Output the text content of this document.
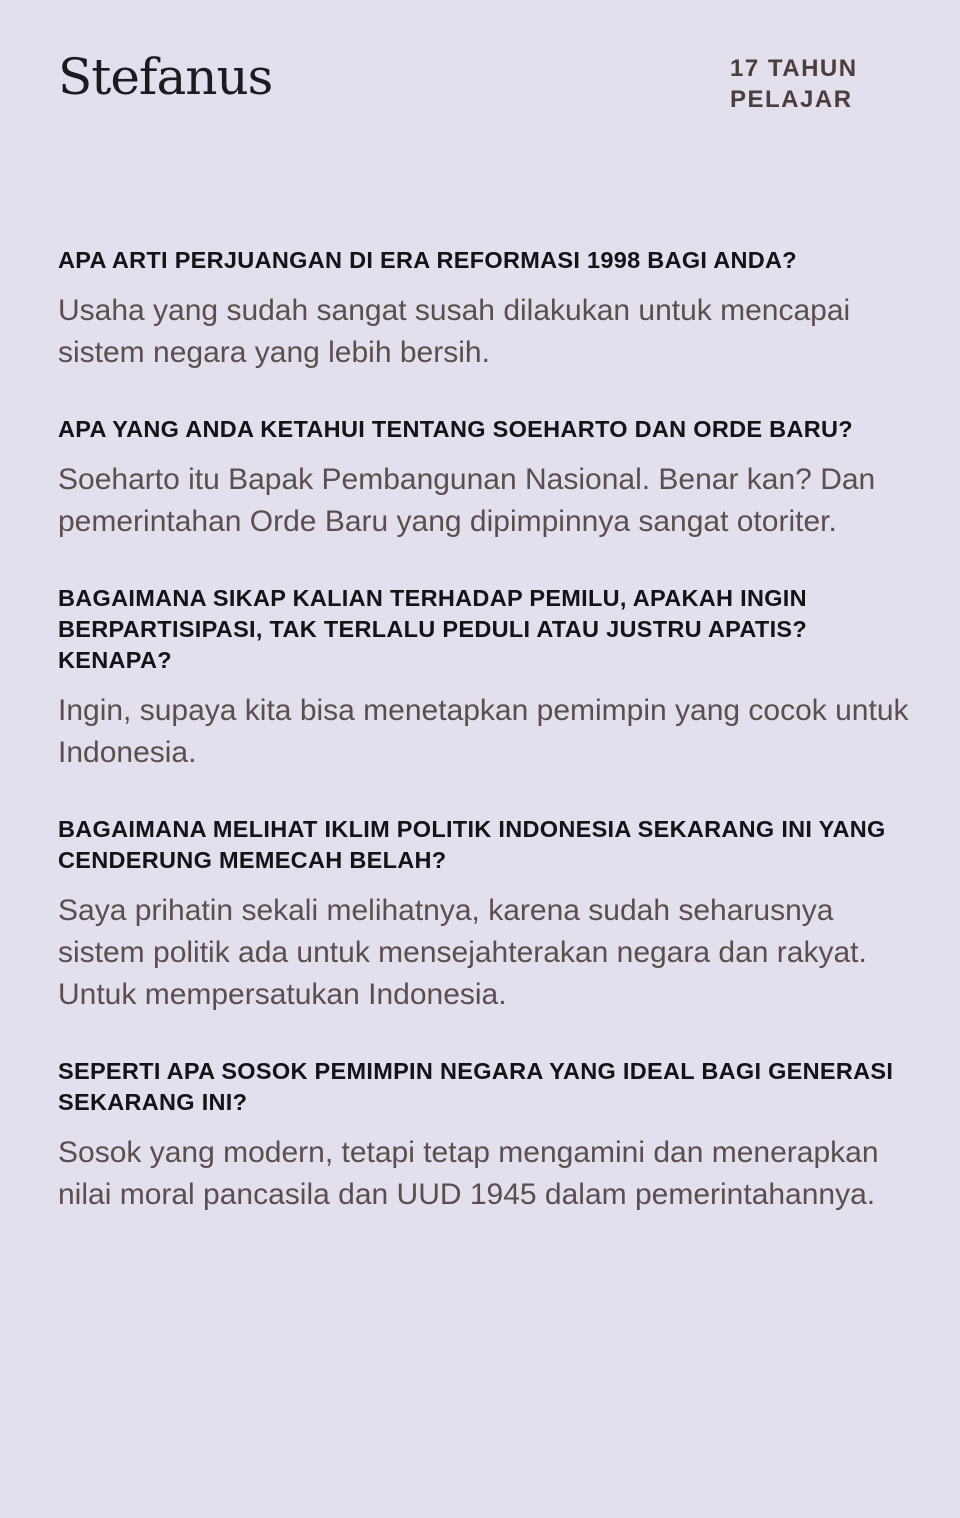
Stefanus	17 TAHUN
PELAJAR
APA ARTI PERJUANGAN DI ERA REFORMASI 1998 BAGI ANDA?

Usaha yang sudah sangat susah dilakukan untuk mencapai sistem negara yang lebih bersih.

APA YANG ANDA KETAHUI TENTANG SOEHARTO DAN ORDE BARU?

Soeharto itu Bapak Pembangunan Nasional. Benar kan? Dan pemerintahan Orde Baru yang dipimpinnya sangat otoriter.

BAGAIMANA SIKAP KALIAN TERHADAP PEMILU, APAKAH INGIN BERPARTISIPASI, TAK TERLALU PEDULI ATAU JUSTRU APATIS? KENAPA?

Ingin, supaya kita bisa menetapkan pemimpin yang cocok untuk Indonesia.

BAGAIMANA MELIHAT IKLIM POLITIK INDONESIA SEKARANG INI YANG CENDERUNG MEMECAH BELAH?

Saya prihatin sekali melihatnya, karena sudah seharusnya sistem politik ada untuk mensejahterakan negara dan rakyat. Untuk mempersatukan Indonesia.

SEPERTI APA SOSOK PEMIMPIN NEGARA YANG IDEAL BAGI GENERASI SEKARANG INI?

Sosok yang modern, tetapi tetap mengamini dan menerapkan nilai moral pancasila dan UUD 1945 dalam pemerintahannya.
